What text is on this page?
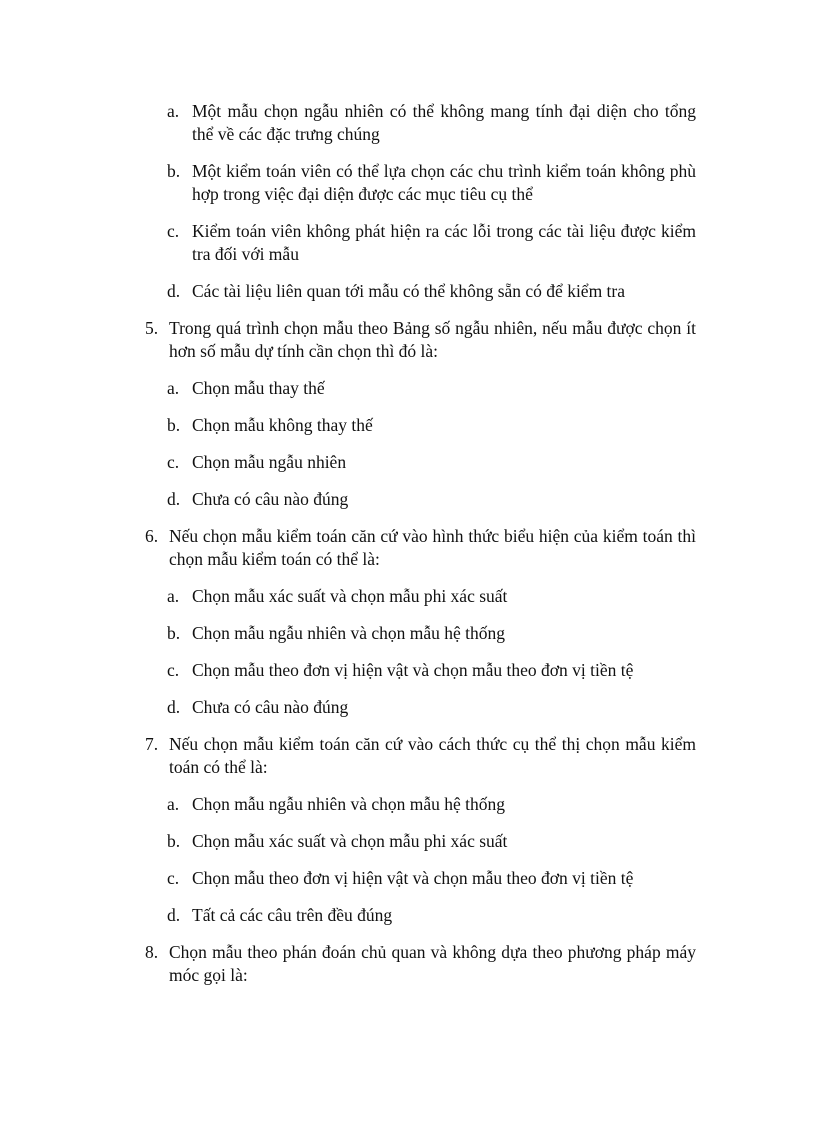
a. Một mẫu chọn ngẫu nhiên có thể không mang tính đại diện cho tổng thể về các đặc trưng chúng
b. Một kiểm toán viên có thể lựa chọn các chu trình kiểm toán không phù hợp trong việc đại diện được các mục tiêu cụ thể
c. Kiểm toán viên không phát hiện ra các lỗi trong các tài liệu được kiểm tra đối với mẫu
d. Các tài liệu liên quan tới mẫu có thể không sẵn có để kiểm tra
5. Trong quá trình chọn mẫu theo Bảng số ngẫu nhiên, nếu mẫu được chọn ít hơn số mẫu dự tính cần chọn thì đó là:
a. Chọn mẫu thay thế
b. Chọn mẫu không thay thế
c. Chọn mẫu ngẫu nhiên
d. Chưa có câu nào đúng
6. Nếu chọn mẫu kiểm toán căn cứ vào hình thức biểu hiện của kiểm toán thì chọn mẫu kiểm toán có thể là:
a. Chọn mẫu xác suất và chọn mẫu phi xác suất
b. Chọn mẫu ngẫu nhiên và chọn mẫu hệ thống
c. Chọn mẫu theo đơn vị hiện vật và chọn mẫu theo đơn vị tiền tệ
d. Chưa có câu nào đúng
7. Nếu chọn mẫu kiểm toán căn cứ vào cách thức cụ thể thị chọn mẫu kiểm toán có thể là:
a. Chọn mẫu ngẫu nhiên và chọn mẫu hệ thống
b. Chọn mẫu xác suất và chọn mẫu phi xác suất
c. Chọn mẫu theo đơn vị hiện vật và chọn mẫu theo đơn vị tiền tệ
d. Tất cả các câu trên đều đúng
8. Chọn mẫu theo phán đoán chủ quan và không dựa theo phương pháp máy móc gọi là:
